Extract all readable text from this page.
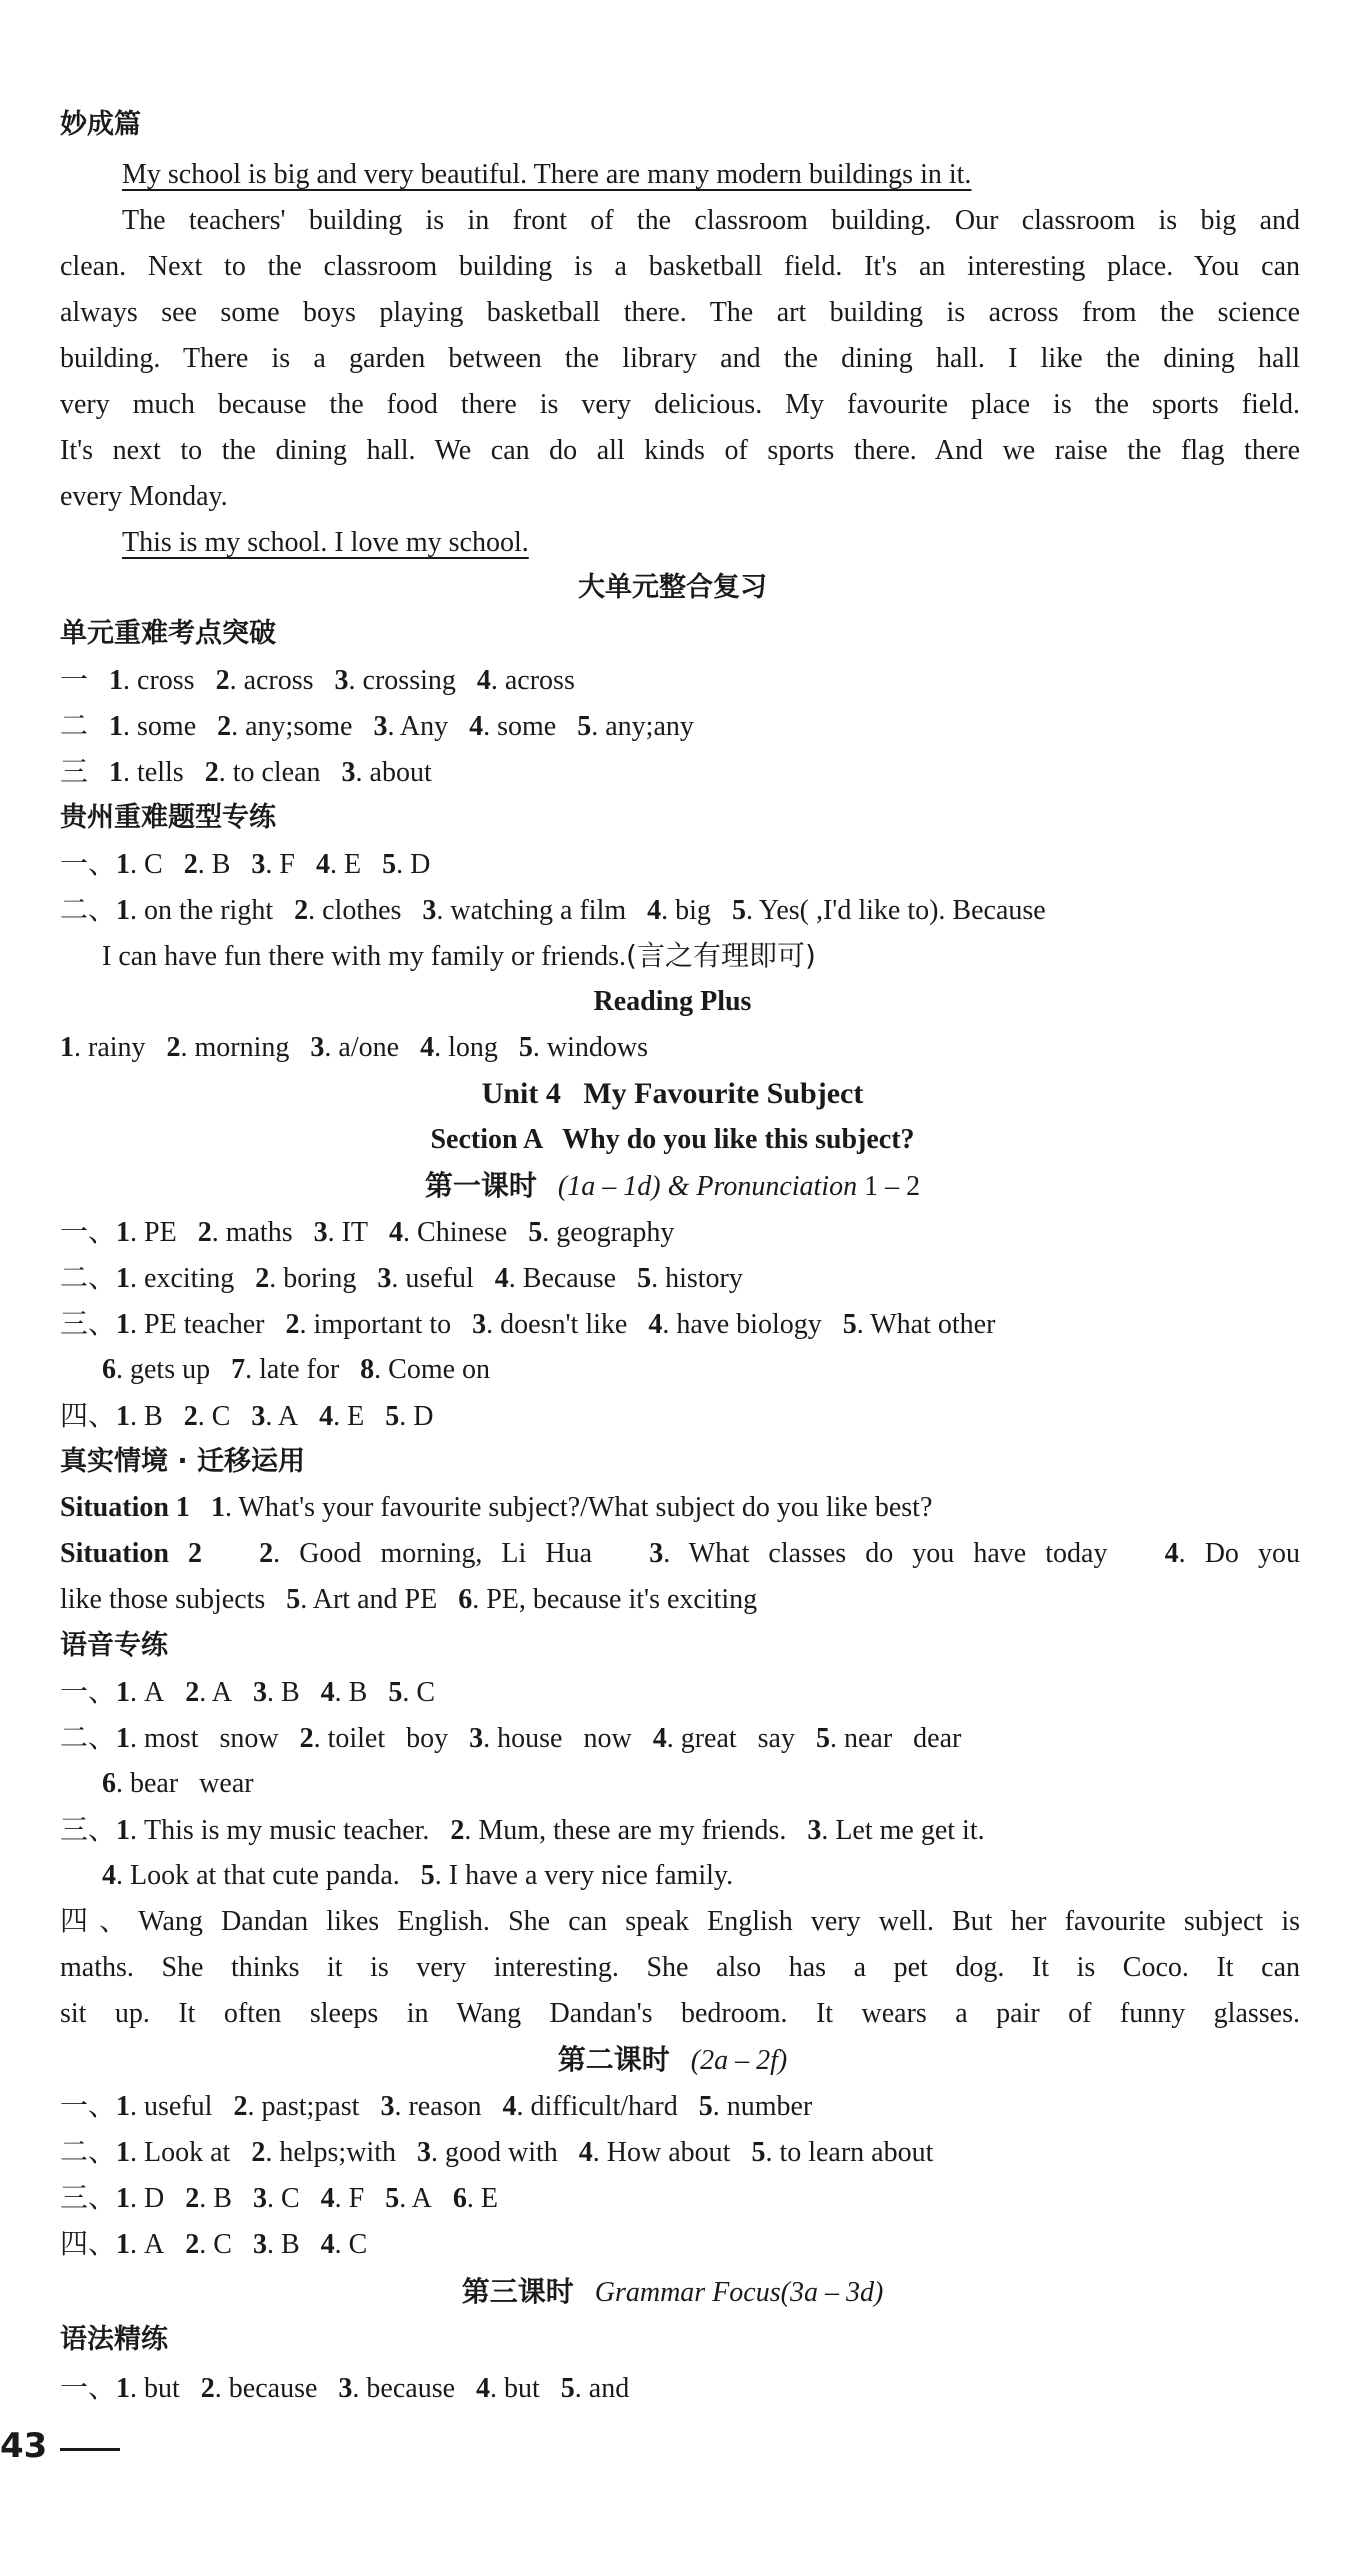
妙成篇
My school is big and very beautiful. There are many modern buildings in it.
The teachers' building is in front of the classroom building. Our classroom is big and
clean. Next to the classroom building is a basketball field. It's an interesting place. You can
always see some boys playing basketball there. The art building is across from the science
building. There is a garden between the library and the dining hall. I like the dining hall
very much because the food there is very delicious. My favourite place is the sports field.
It's next to the dining hall. We can do all kinds of sports there. And we raise the flag there
every Monday.
This is my school. I love my school.
大单元整合复习
单元重难考点突破
一 1. cross 2. across 3. crossing 4. across
二 1. some 2. any;some 3. Any 4. some 5. any;any
三 1. tells 2. to clean 3. about
贵州重难题型专练
一、1. C 2. B 3. F 4. E 5. D
二、1. on the right 2. clothes 3. watching a film 4. big 5. Yes( ,I'd like to). Because
I can have fun there with my family or friends.(言之有理即可)
Reading Plus
1. rainy 2. morning 3. a/one 4. long 5. windows
Unit 4   My Favourite Subject
Section A   Why do you like this subject?
第一课时 (1a – 1d) & Pronunciation 1 – 2
一、1. PE 2. maths 3. IT 4. Chinese 5. geography
二、1. exciting 2. boring 3. useful 4. Because 5. history
三、1. PE teacher 2. important to 3. doesn't like 4. have biology 5. What other
6. gets up 7. late for 8. Come on
四、1. B 2. C 3. A 4. E 5. D
真实情境 · 迁移运用
Situation 1 1. What's your favourite subject?/What subject do you like best?
Situation 2 2. Good morning, Li Hua 3. What classes do you have today 4. Do you
like those subjects 5. Art and PE 6. PE, because it's exciting
语音专练
一、1. A 2. A 3. B 4. B 5. C
二、1. most   snow 2. toilet   boy 3. house   now 4. great   say 5. near   dear
6. bear   wear
三、1. This is my music teacher. 2. Mum, these are my friends. 3. Let me get it.
4. Look at that cute panda. 5. I have a very nice family.
四、Wang Dandan likes English. She can speak English very well. But her favourite subject is
maths. She thinks it is very interesting. She also has a pet dog. It is Coco. It can
sit up. It often sleeps in Wang Dandan's bedroom. It wears a pair of funny glasses.
第二课时 (2a – 2f)
一、1. useful 2. past;past 3. reason 4. difficult/hard 5. number
二、1. Look at 2. helps;with 3. good with 4. How about 5. to learn about
三、1. D 2. B 3. C 4. F 5. A 6. E
四、1. A 2. C 3. B 4. C
第三课时 Grammar Focus(3a – 3d)
语法精练
一、1. but 2. because 3. because 4. but 5. and
43
